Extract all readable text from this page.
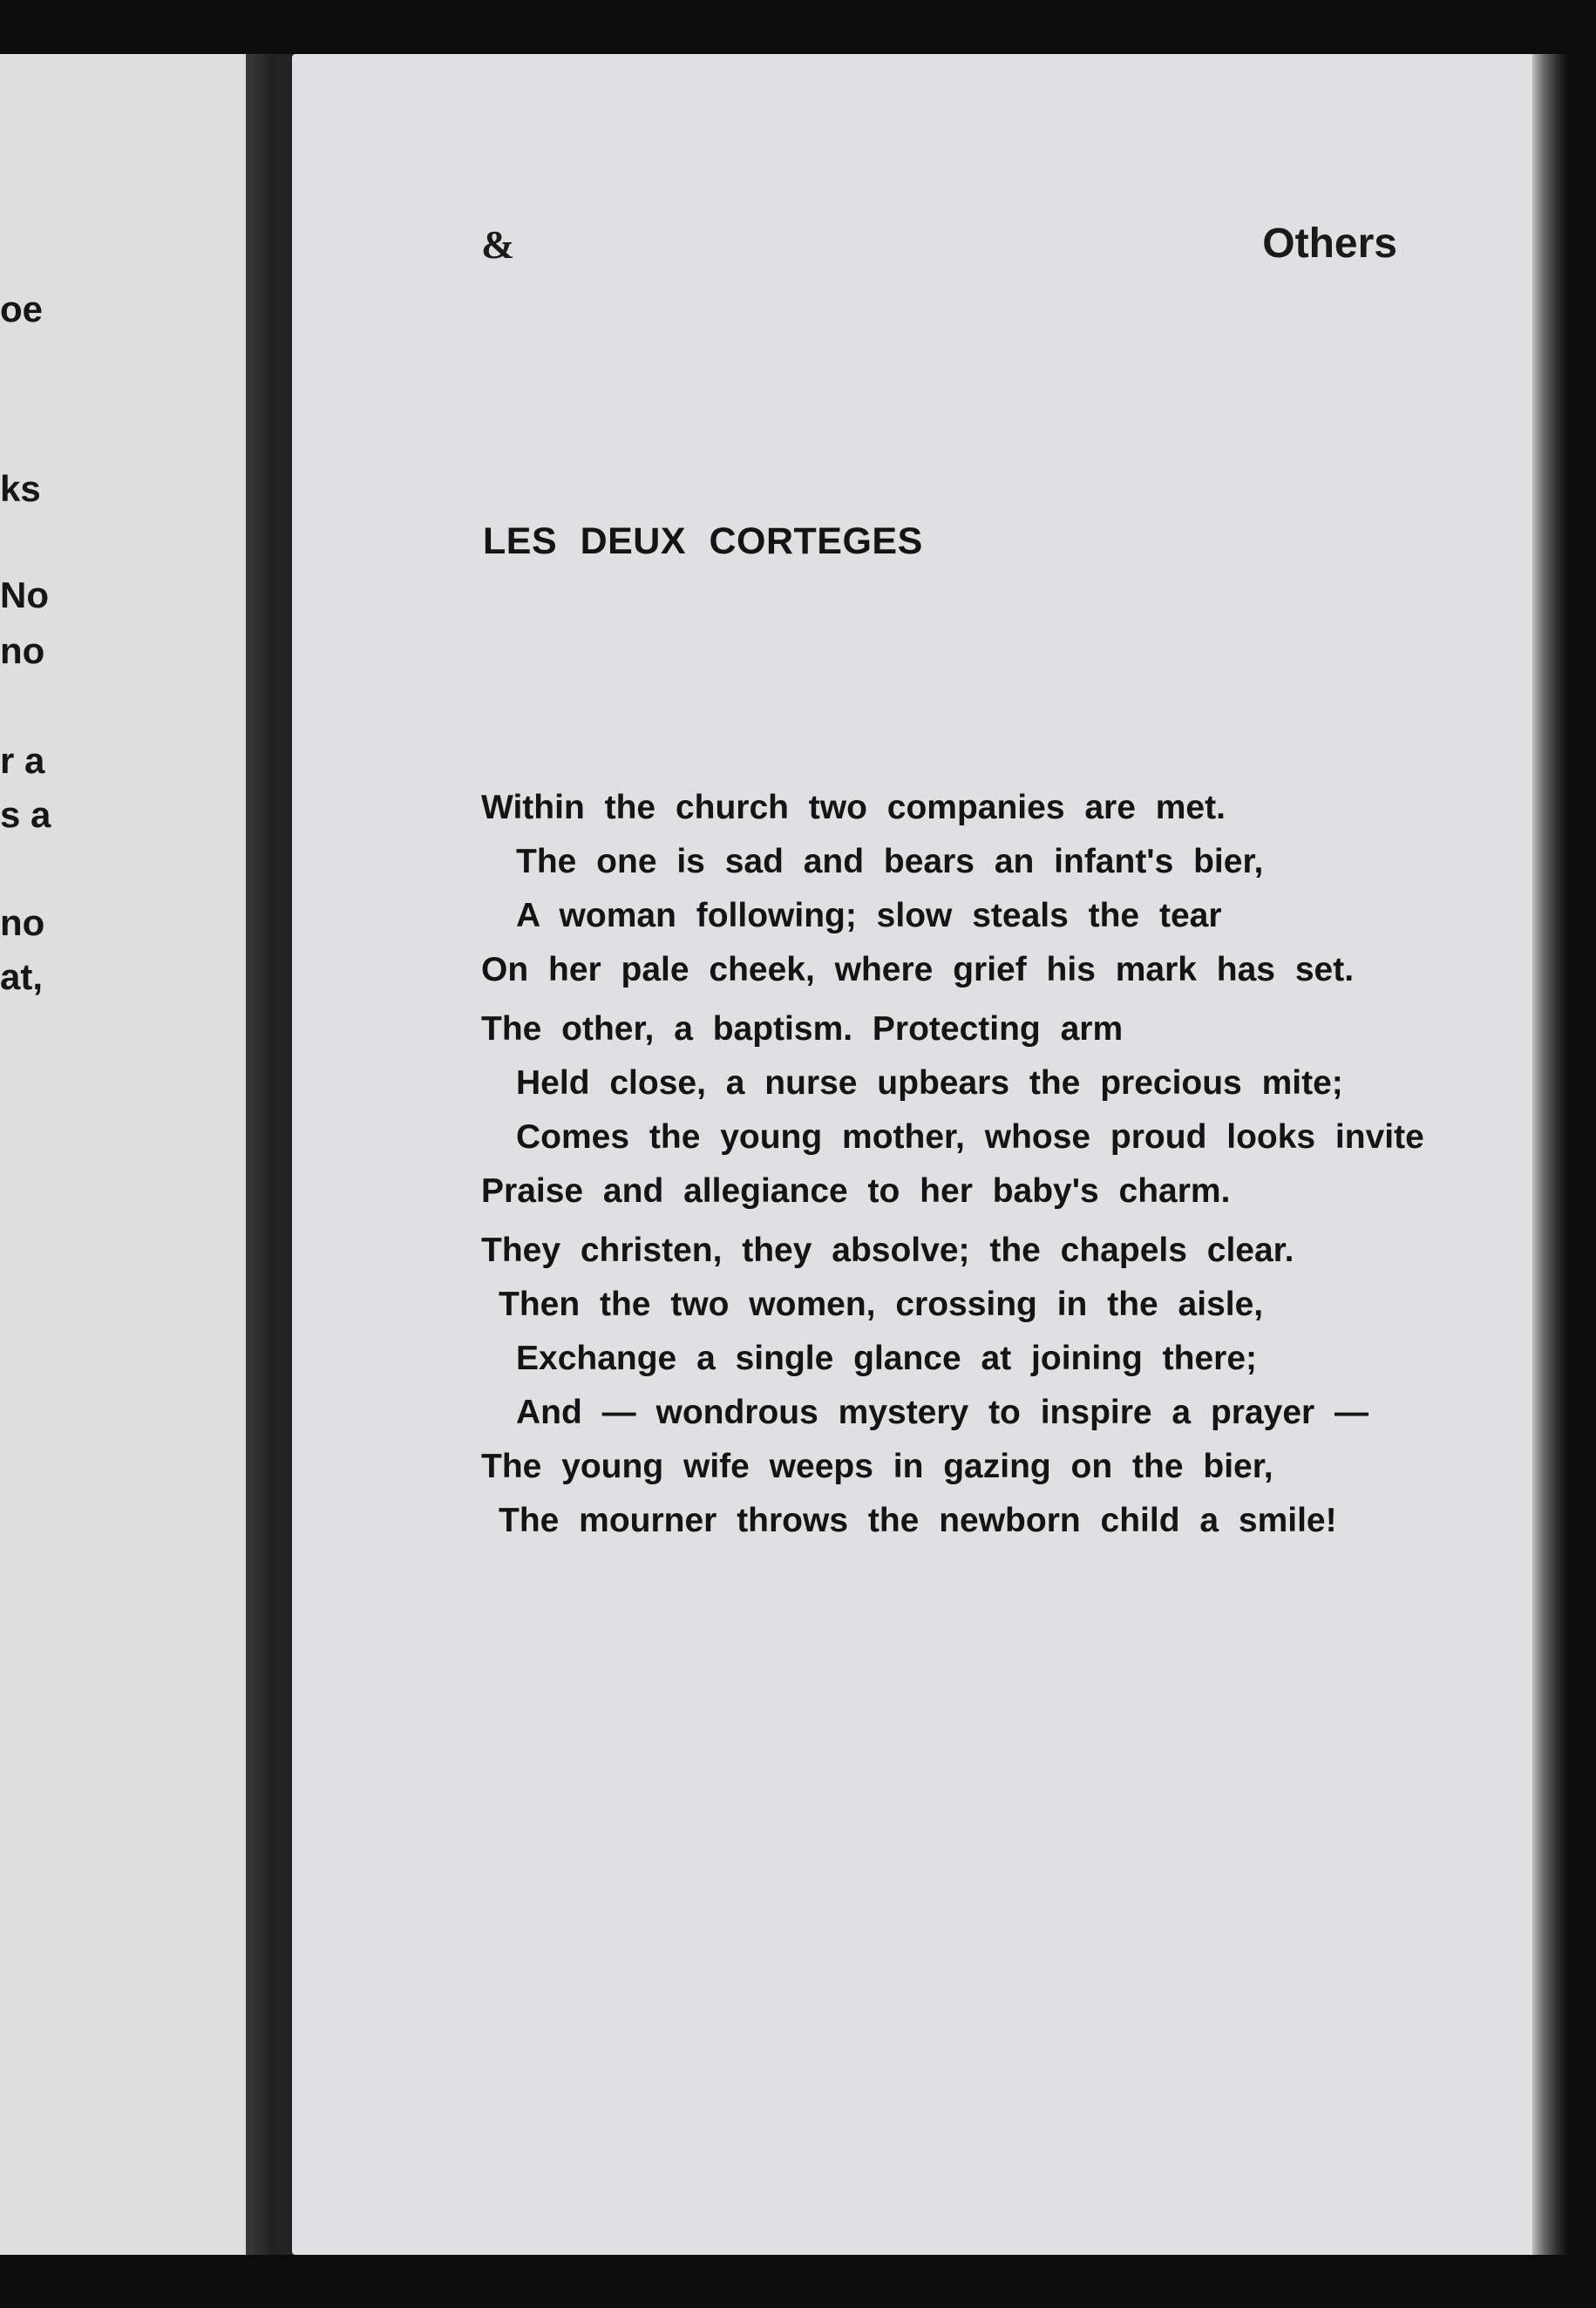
oe
ks
No
no
r a
s a
no
at,
&	Others
LES DEUX CORTEGES
Within the church two companies are met.
The one is sad and bears an infant's bier,
A woman following; slow steals the tear
On her pale cheek, where grief his mark has set.
The other, a baptism. Protecting arm
Held close, a nurse upbears the precious mite;
Comes the young mother, whose proud looks invite
Praise and allegiance to her baby's charm.
They christen, they absolve; the chapels clear.
Then the two women, crossing in the aisle,
Exchange a single glance at joining there;
And — wondrous mystery to inspire a prayer —
The young wife weeps in gazing on the bier,
The mourner throws the newborn child a smile!
